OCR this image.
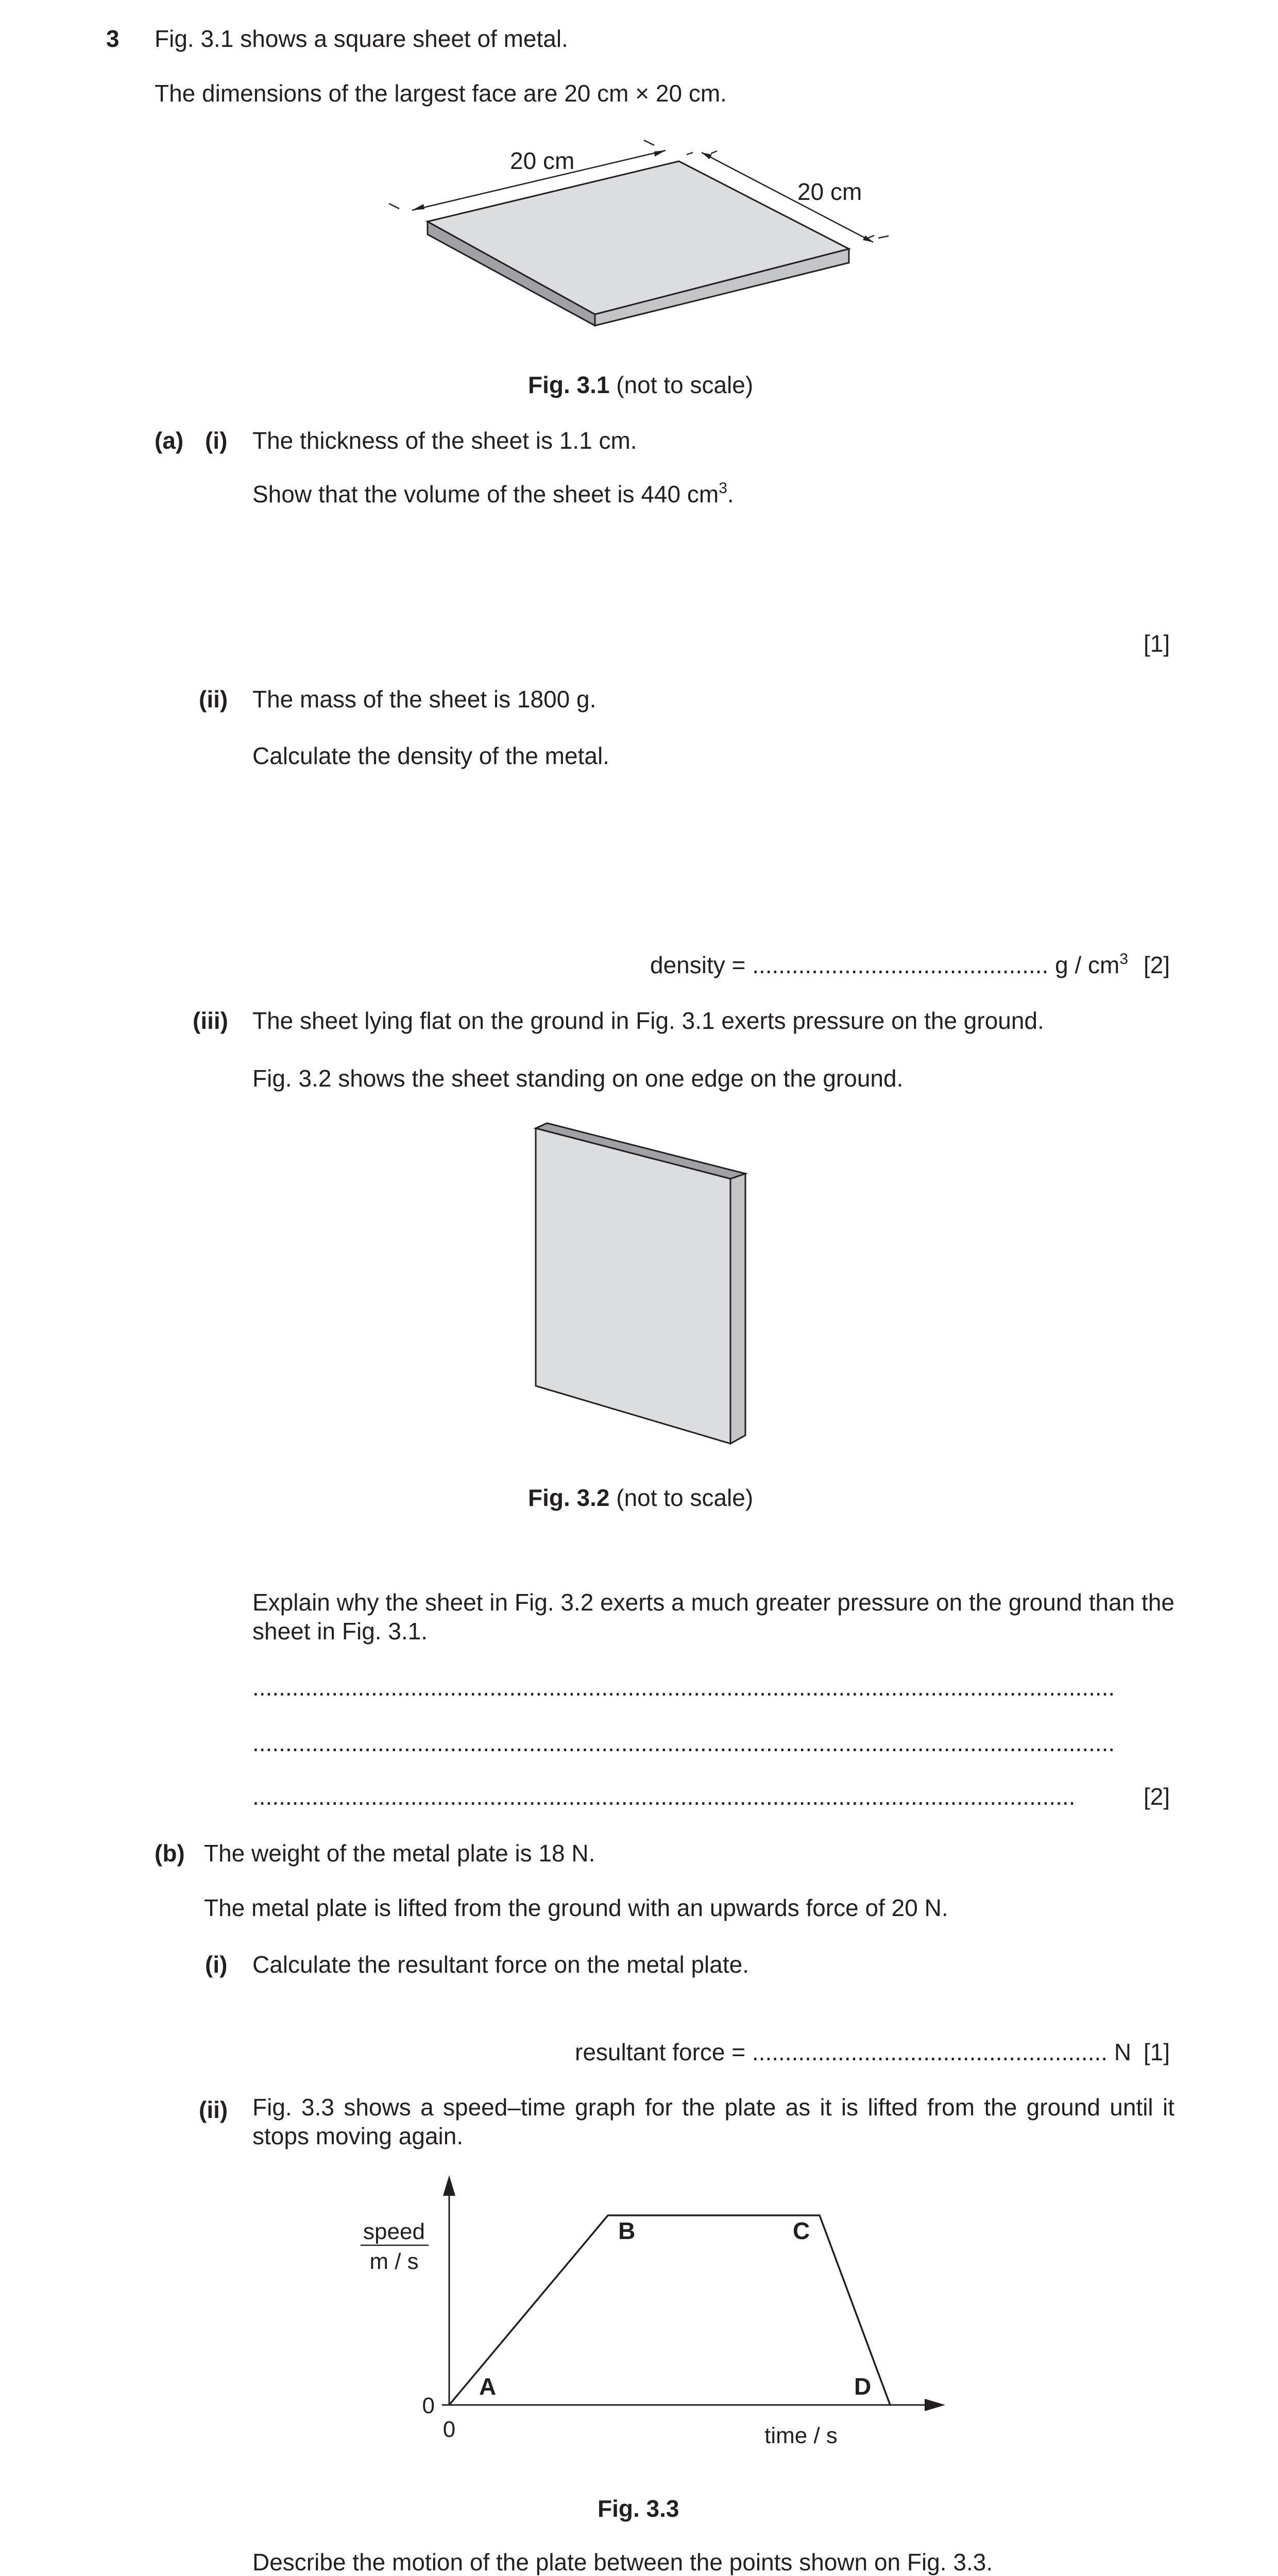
3 Fig. 3.1 shows a square sheet of metal.
The dimensions of the largest face are 20 cm × 20 cm.
20 cm
20 cm
Fig. 3.1 (not to scale)
(a) (i) The thickness of the sheet is 1.1 cm.
Show that the volume of the sheet is 440 $cm^3$.
[1]
(ii) The mass of the sheet is 1800 g.
Calculate the density of the metal.
density = ............................................. g / $cm^3$ [2]
(iii) The sheet lying flat on the ground in Fig. 3.1 exerts pressure on the ground.
Fig. 3.2 shows the sheet standing on one edge on the ground.
Fig. 3.2 (not to scale)
Explain why the sheet in Fig. 3.2 exerts a much greater pressure on the ground than the sheet in Fig. 3.1.
...................................................................................................................................
...................................................................................................................................
.............................................................................................................................	[2]
(b) The weight of the metal plate is 18 N.
The metal plate is lifted from the ground with an upwards force of 20 N.
(i) Calculate the resultant force on the metal plate.
resultant force = ...................................................... N [1]
(ii) Fig. 3.3 shows a speed–time graph for the plate as it is lifted from the ground until it stops moving again.
A
B	C
D
speed
m / s
time / s
0
0
Fig. 3.3
Describe the motion of the plate between the points shown on Fig. 3.3.
